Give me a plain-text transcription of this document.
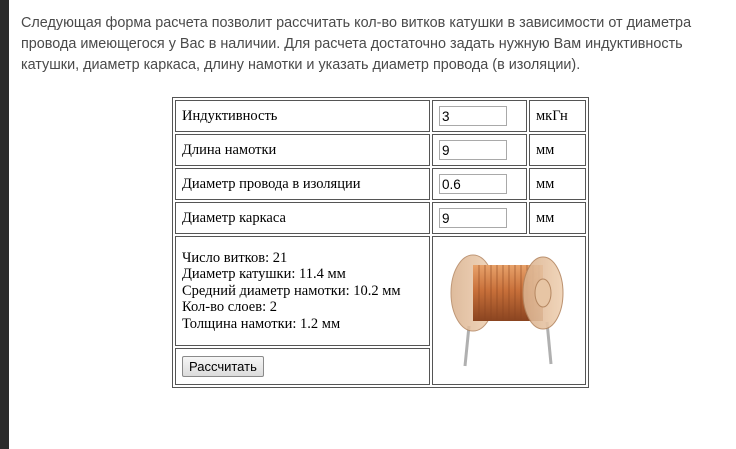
Следующая форма расчета позволит рассчитать кол-во витков катушки в зависимости от диаметра провода имеющегося у Вас в наличии. Для расчета достаточно задать нужную Вам индуктивность катушки, диаметр каркаса, длину намотки и указать диаметр провода (в изоляции).

Индуктивность	3	мкГн
Длина намотки	9	мм
Диаметр провода в изоляции	0.6	мм
Диаметр каркаса	9	мм

Число витков: 21
Диаметр катушки: 11.4 мм
Средний диаметр намотки: 10.2 мм
Кол-во слоев: 2
Толщина намотки: 1.2 мм

Рассчитать		
